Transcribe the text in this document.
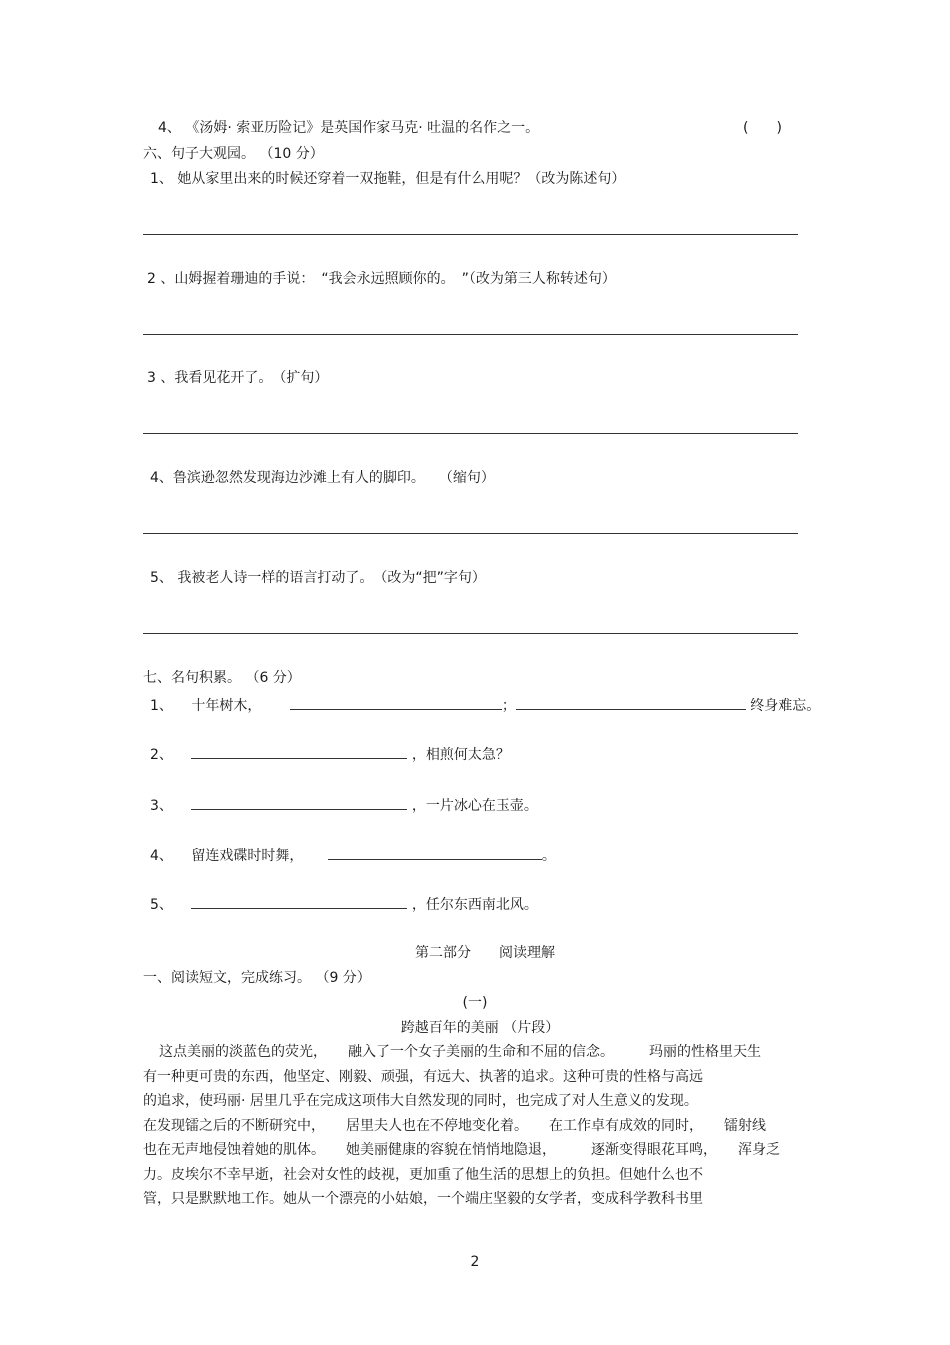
4、 《汤姆· 索亚历险记》是英国作家马克· 吐温的名作之一。	(　　)
六、句子大观园。 （10 分）
1、 她从家里出来的时候还穿着一双拖鞋，但是有什么用呢？（改为陈述句）
2 、山姆握着珊迪的手说：　“我会永远照顾你的。　”（改为第三人称转述句）
3 、我看见花开了。　（扩句）
4、鲁滨逊忽然发现海边沙滩上有人的脚印。　　（缩句）
5、 我被老人诗一样的语言打动了。　（改为“把”字句）
七、名句积累。 （6 分）
1、 十年树木，	；	终身难忘。
2、	，相煎何太急？
3、	，一片冰心在玉壶。
4、 留连戏碟时时舞，	。
5、	，任尔东西南北风。
第二部分　　阅读理解
一、阅读短文，完成练习。 （9 分）
(一)
跨越百年的美丽 （片段）
这点美丽的淡蓝色的荧光，　　融入了一个女子美丽的生命和不屈的信念。　　　玛丽的性格里天生
有一种更可贵的东西，他坚定、刚毅、顽强，有远大、执著的追求。这种可贵的性格与高远
的追求，使玛丽· 居里几乎在完成这项伟大自然发现的同时，也完成了对人生意义的发现。
在发现镭之后的不断研究中，　　居里夫人也在不停地变化着。　　在工作卓有成效的同时，　　镭射线
也在无声地侵蚀着她的肌体。　　她美丽健康的容貌在悄悄地隐退，　　　逐渐变得眼花耳鸣，　　浑身乏
力。皮埃尔不幸早逝，社会对女性的歧视，更加重了他生活的思想上的负担。但她什么也不
管，只是默默地工作。她从一个漂亮的小姑娘，一个端庄坚毅的女学者，变成科学教科书里
2
